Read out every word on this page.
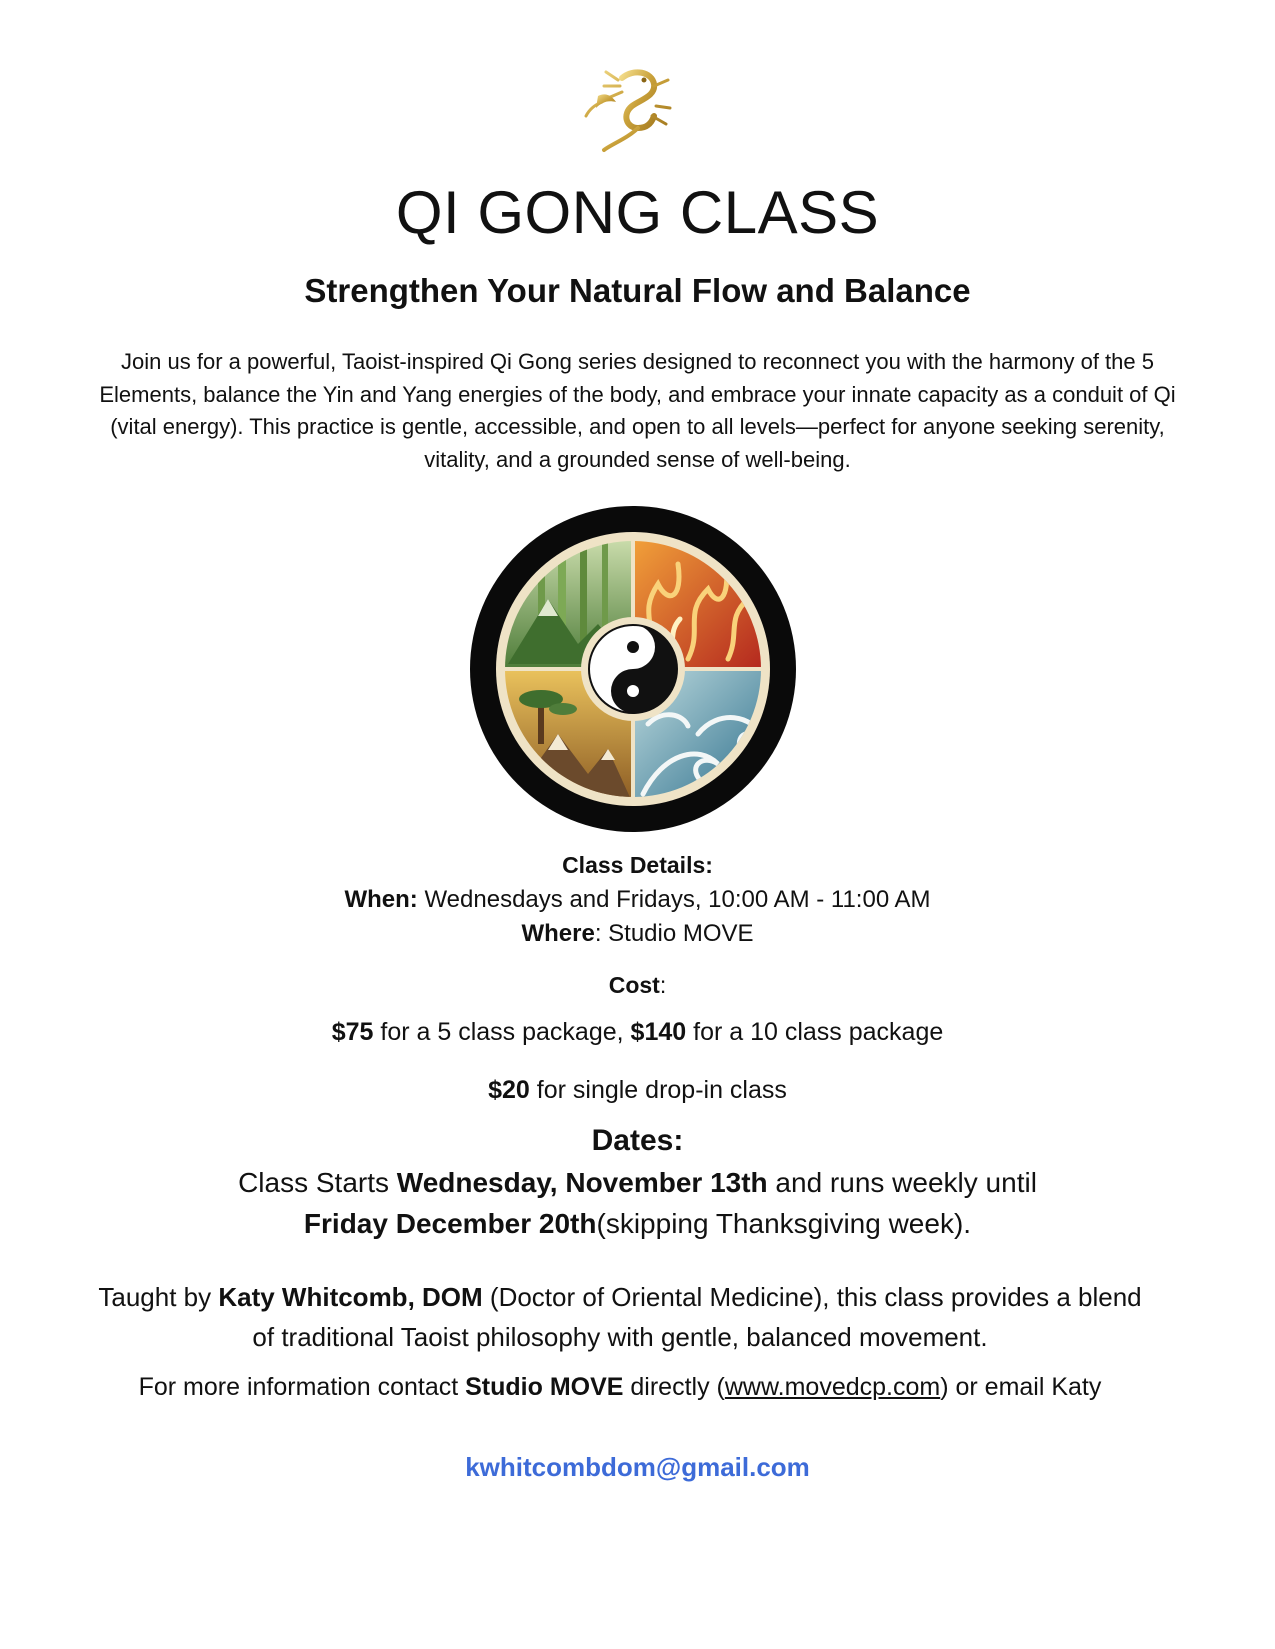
QI GONG CLASS
Strengthen Your Natural Flow and Balance

Join us for a powerful, Taoist-inspired Qi Gong series designed to reconnect you with the harmony of the 5 Elements, balance the Yin and Yang energies of the body, and embrace your innate capacity as a conduit of Qi (vital energy). This practice is gentle, accessible, and open to all levels—perfect for anyone seeking serenity, vitality, and a grounded sense of well-being.

Class Details:
When: Wednesdays and Fridays, 10:00 AM - 11:00 AM
Where: Studio MOVE
Cost:
$75 for a 5 class package, $140 for a 10 class package
$20 for single drop-in class
Dates:
Class Starts Wednesday, November 13th and runs weekly until
Friday December 20th(skipping Thanksgiving week).
Taught by Katy Whitcomb, DOM (Doctor of Oriental Medicine), this class provides a blend of traditional Taoist philosophy with gentle, balanced movement.
For more information contact Studio MOVE directly (www.movedcp.com) or email Katy
kwhitcombdom@gmail.com
